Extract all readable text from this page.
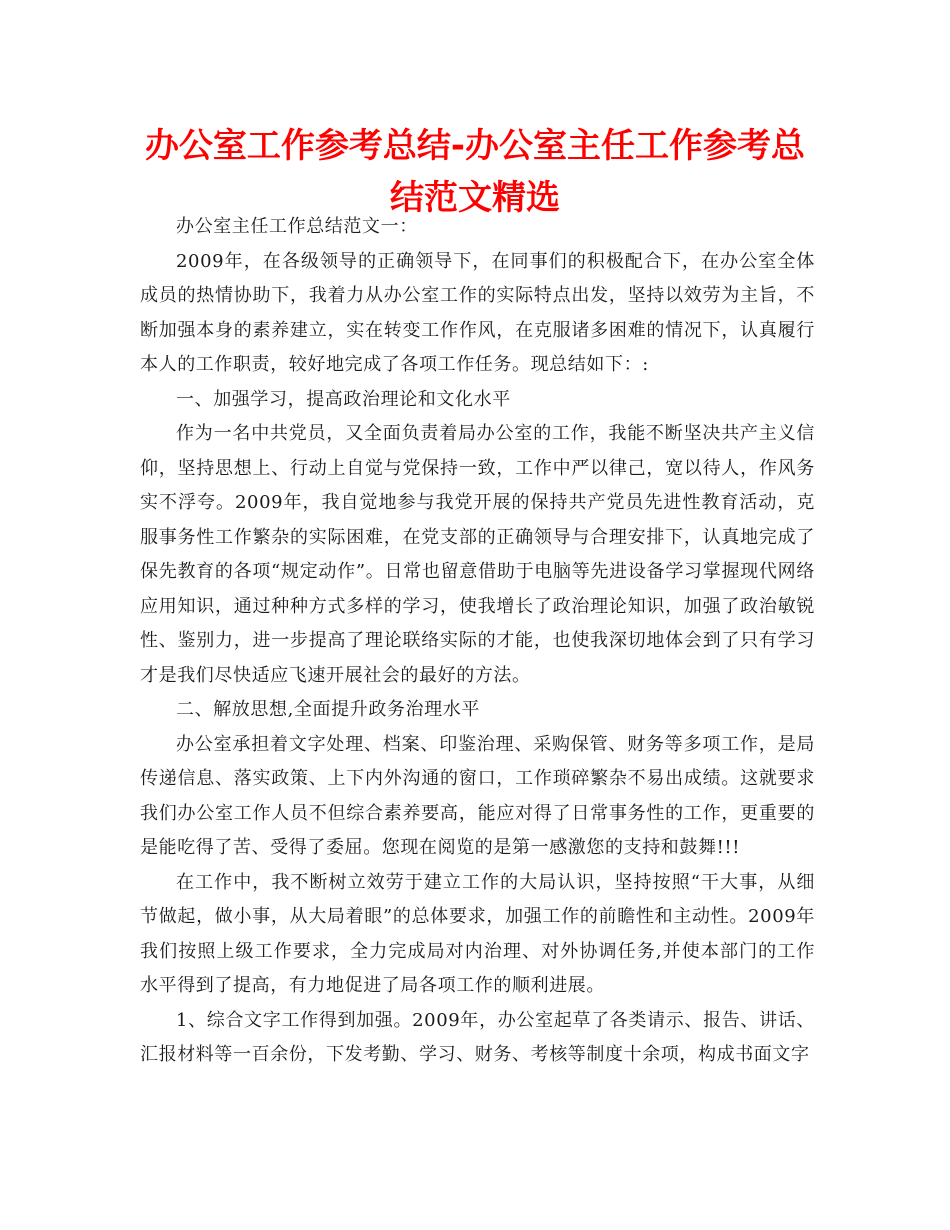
办公室工作参考总结-办公室主任工作参考总结范文精选

办公室主任工作总结范文一：

2009年，在各级领导的正确领导下，在同事们的积极配合下，在办公室全体成员的热情协助下，我着力从办公室工作的实际特点出发，坚持以效劳为主旨，不断加强本身的素养建立，实在转变工作作风，在克服诸多困难的情况下，认真履行本人的工作职责，较好地完成了各项工作任务。现总结如下：:

一、加强学习，提高政治理论和文化水平

作为一名中共党员，又全面负责着局办公室的工作，我能不断坚决共产主义信仰，坚持思想上、行动上自觉与党保持一致，工作中严以律己，宽以待人，作风务实不浮夸。2009年，我自觉地参与我党开展的保持共产党员先进性教育活动，克服事务性工作繁杂的实际困难，在党支部的正确领导与合理安排下，认真地完成了保先教育的各项“规定动作”。日常也留意借助于电脑等先进设备学习掌握现代网络应用知识，通过种种方式多样的学习，使我增长了政治理论知识，加强了政治敏锐性、鉴别力，进一步提高了理论联络实际的才能，也使我深切地体会到了只有学习才是我们尽快适应飞速开展社会的最好的方法。

二、解放思想,全面提升政务治理水平

办公室承担着文字处理、档案、印鉴治理、采购保管、财务等多项工作，是局传递信息、落实政策、上下内外沟通的窗口，工作琐碎繁杂不易出成绩。这就要求我们办公室工作人员不但综合素养要高，能应对得了日常事务性的工作，更重要的是能吃得了苦、受得了委屈。您现在阅览的是第一感激您的支持和鼓舞!!!

在工作中，我不断树立效劳于建立工作的大局认识，坚持按照“干大事，从细节做起，做小事，从大局着眼”的总体要求，加强工作的前瞻性和主动性。2009年我们按照上级工作要求，全力完成局对内治理、对外协调任务,并使本部门的工作水平得到了提高，有力地促进了局各项工作的顺利进展。

1、综合文字工作得到加强。2009年，办公室起草了各类请示、报告、讲话、汇报材料等一百余份，下发考勤、学习、财务、考核等制度十余项，构成书面文字
